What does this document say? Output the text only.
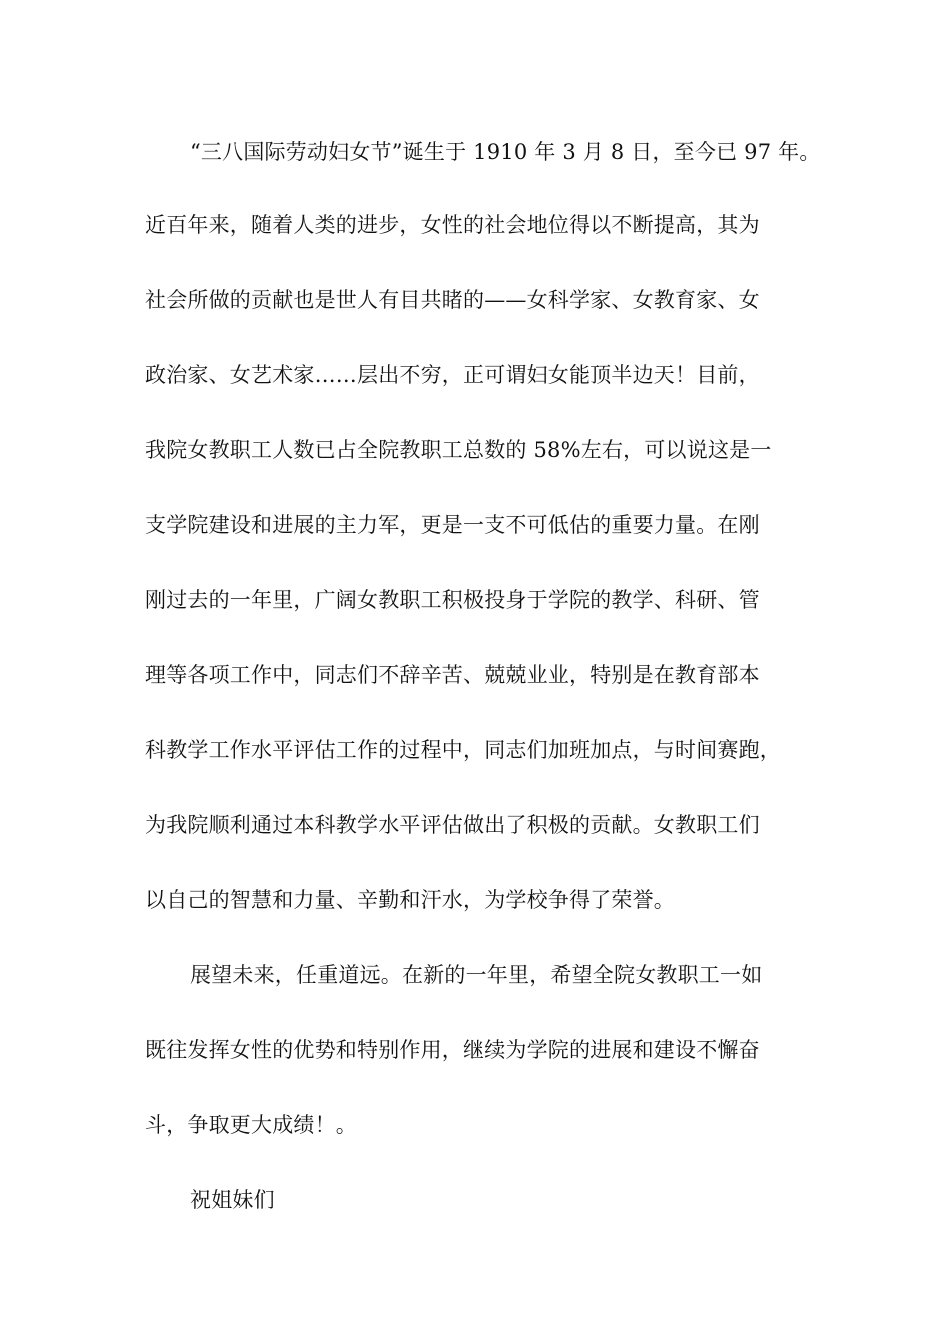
“三八国际劳动妇女节”诞生于 1910 年 3 月 8 日，至今已 97 年。
近百年来，随着人类的进步，女性的社会地位得以不断提高，其为
社会所做的贡献也是世人有目共睹的——女科学家、女教育家、女
政治家、女艺术家……层出不穷，正可谓妇女能顶半边天！目前，
我院女教职工人数已占全院教职工总数的 58%左右，可以说这是一
支学院建设和进展的主力军，更是一支不可低估的重要力量。在刚
刚过去的一年里，广阔女教职工积极投身于学院的教学、科研、管
理等各项工作中，同志们不辞辛苦、兢兢业业，特别是在教育部本
科教学工作水平评估工作的过程中，同志们加班加点，与时间赛跑，
为我院顺利通过本科教学水平评估做出了积极的贡献。女教职工们
以自己的智慧和力量、辛勤和汗水，为学校争得了荣誉。
展望未来，任重道远。在新的一年里，希望全院女教职工一如
既往发挥女性的优势和特别作用，继续为学院的进展和建设不懈奋
斗，争取更大成绩！。
祝姐妹们
